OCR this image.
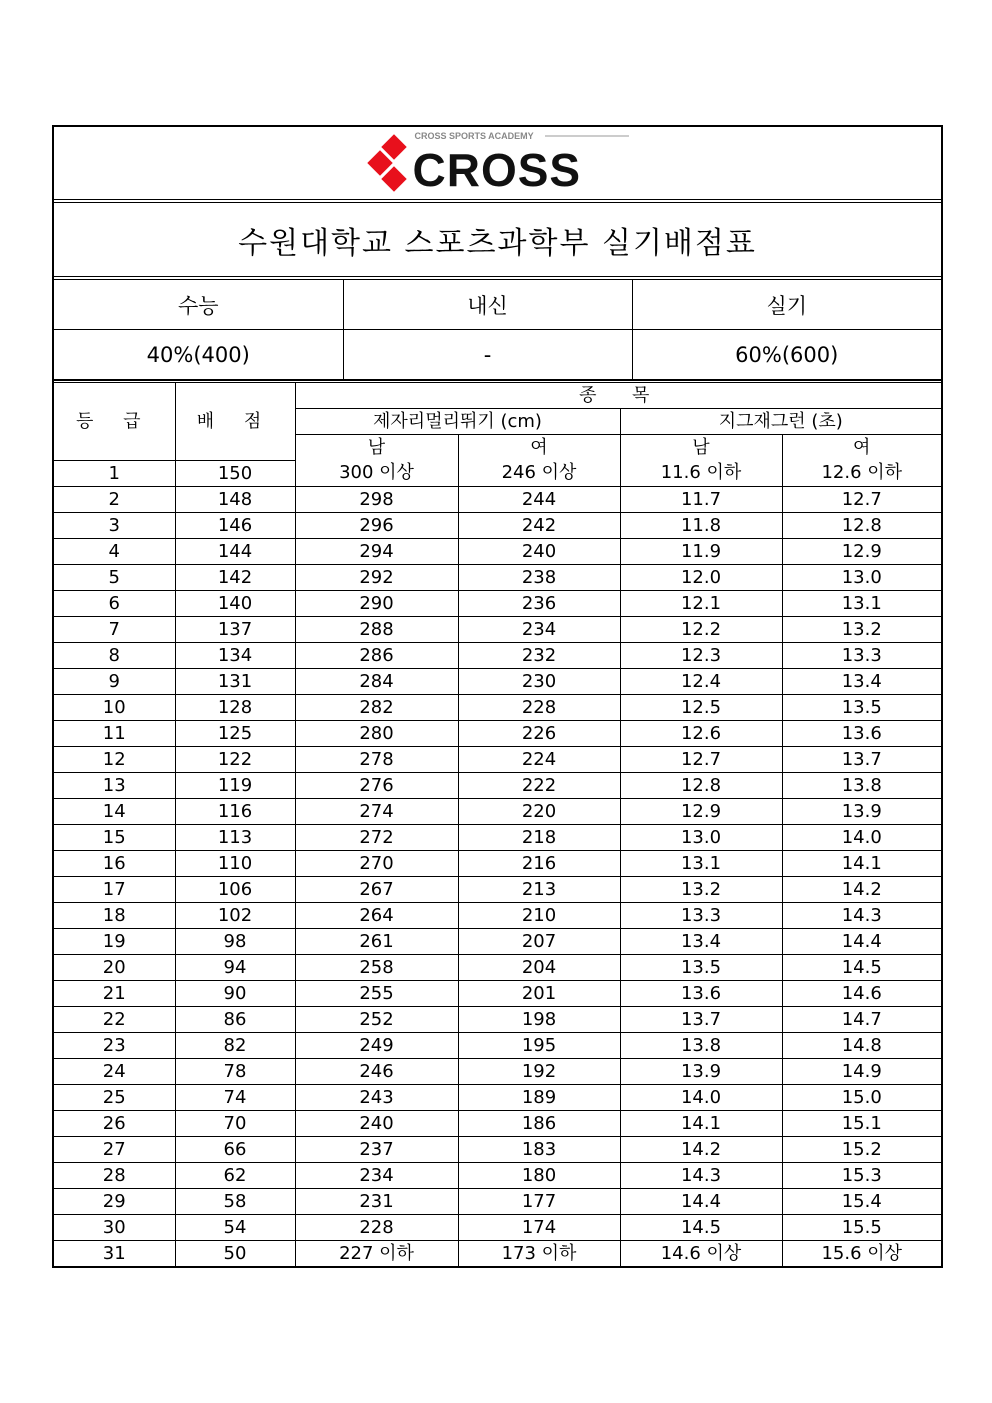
CROSS SPORTS ACADEMY
CROSS
수원대학교 스포츠과학부 실기배점표
수능	내신	실기
40%(400)	-	60%(600)
등 급	배 점	종  목			
		제자리멀리뛰기 (cm)		지그재그런 (초)	
		남	여	남	여
1	150	300 이상	246 이상	11.6 이하	12.6 이하
2	148	298	244	11.7	12.7
3	146	296	242	11.8	12.8
4	144	294	240	11.9	12.9
5	142	292	238	12.0	13.0
6	140	290	236	12.1	13.1
7	137	288	234	12.2	13.2
8	134	286	232	12.3	13.3
9	131	284	230	12.4	13.4
10	128	282	228	12.5	13.5
11	125	280	226	12.6	13.6
12	122	278	224	12.7	13.7
13	119	276	222	12.8	13.8
14	116	274	220	12.9	13.9
15	113	272	218	13.0	14.0
16	110	270	216	13.1	14.1
17	106	267	213	13.2	14.2
18	102	264	210	13.3	14.3
19	98	261	207	13.4	14.4
20	94	258	204	13.5	14.5
21	90	255	201	13.6	14.6
22	86	252	198	13.7	14.7
23	82	249	195	13.8	14.8
24	78	246	192	13.9	14.9
25	74	243	189	14.0	15.0
26	70	240	186	14.1	15.1
27	66	237	183	14.2	15.2
28	62	234	180	14.3	15.3
29	58	231	177	14.4	15.4
30	54	228	174	14.5	15.5
31	50	227 이하	173 이하	14.6 이상	15.6 이상
